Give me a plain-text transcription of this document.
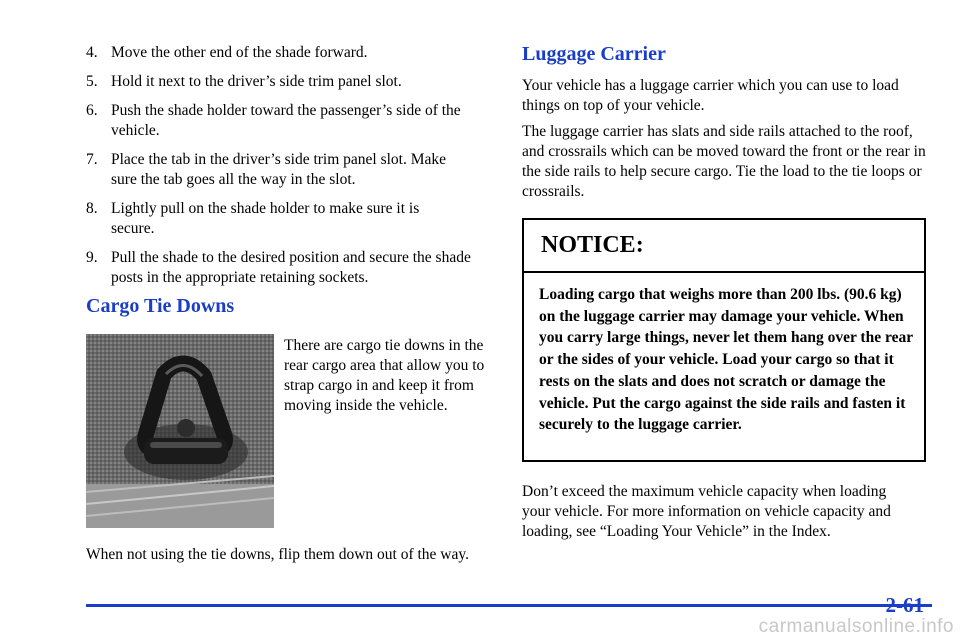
4. Move the other end of the shade forward.
5. Hold it next to the driver’s side trim panel slot.
6. Push the shade holder toward the passenger’s side of the vehicle.
7. Place the tab in the driver’s side trim panel slot. Make sure the tab goes all the way in the slot.
8. Lightly pull on the shade holder to make sure it is secure.
9. Pull the shade to the desired position and secure the shade posts in the appropriate retaining sockets.
Cargo Tie Downs

There are cargo tie downs in the rear cargo area that allow you to strap cargo in and keep it from moving inside the vehicle.

When not using the tie downs, flip them down out of the way.

Luggage Carrier

Your vehicle has a luggage carrier which you can use to load things on top of your vehicle.

The luggage carrier has slats and side rails attached to the roof, and crossrails which can be moved toward the front or the rear in the side rails to help secure cargo. Tie the load to the tie loops or crossrails.

NOTICE:
Loading cargo that weighs more than 200 lbs. (90.6 kg) on the luggage carrier may damage your vehicle. When you carry large things, never let them hang over the rear or the sides of your vehicle. Load your cargo so that it rests on the slats and does not scratch or damage the vehicle. Put the cargo against the side rails and fasten it securely to the luggage carrier.

Don’t exceed the maximum vehicle capacity when loading your vehicle. For more information on vehicle capacity and loading, see “Loading Your Vehicle” in the Index.

2-61
carmanualsonline.info
